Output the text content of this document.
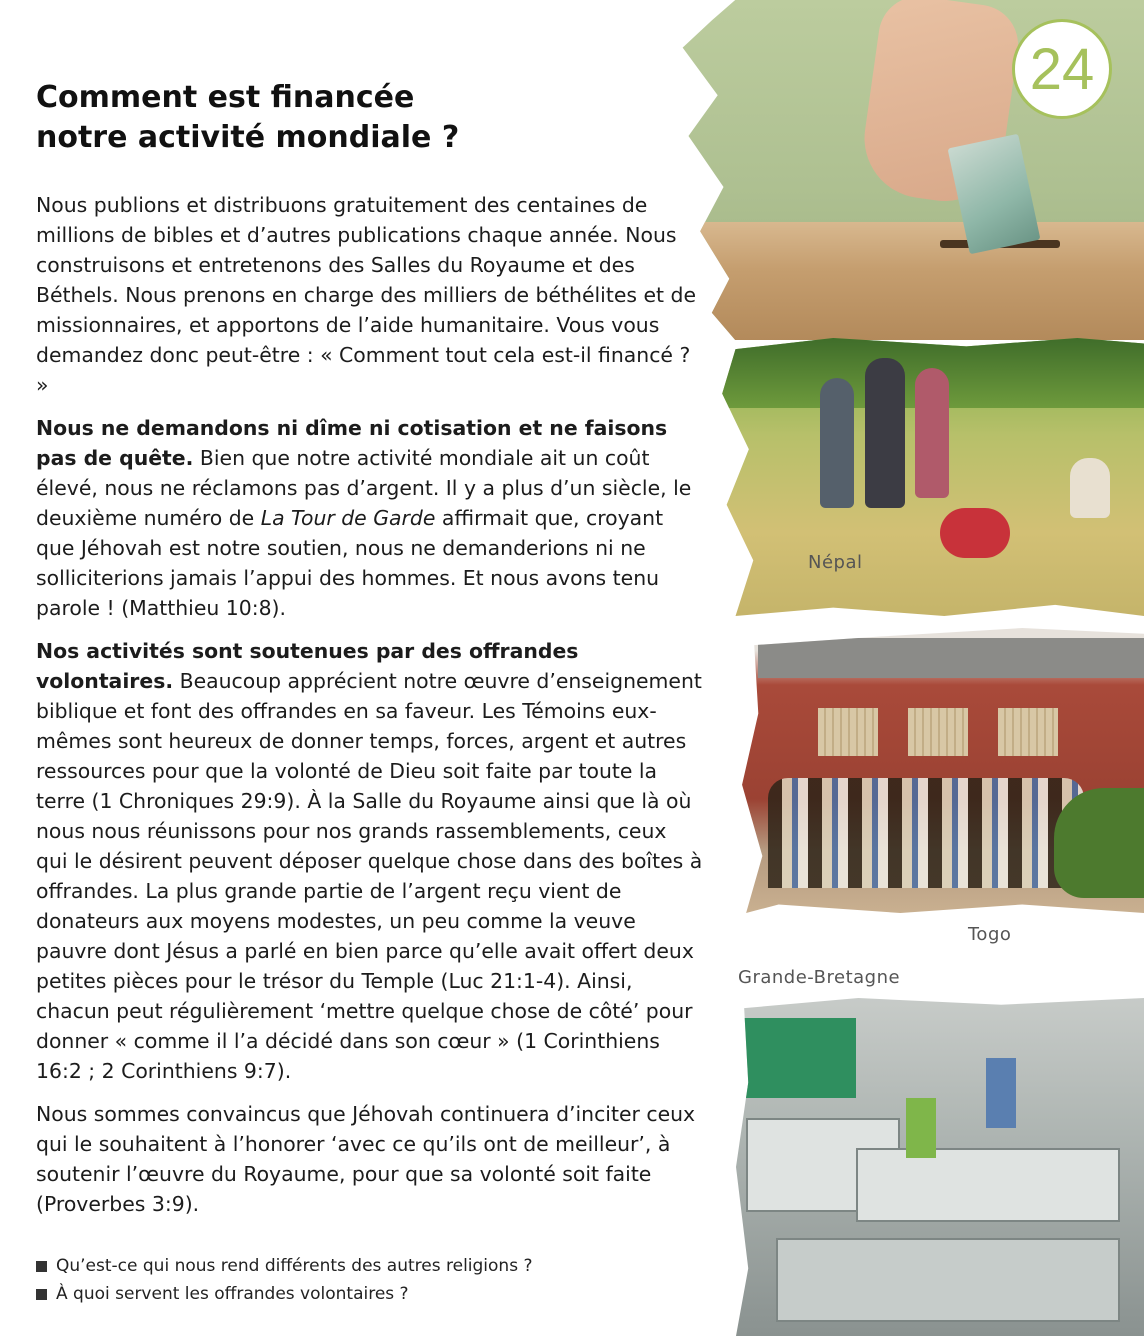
24
Népal
Togo
Grande-Bretagne
Comment est financée
notre activité mondiale ?

Nous publions et distribuons gratuitement des centaines de millions de bibles et d’autres publications chaque année. Nous construisons et entretenons des Salles du Royaume et des Béthels. Nous prenons en charge des milliers de béthélites et de missionnaires, et apportons de l’aide humanitaire. Vous vous demandez donc peut-être : « Comment tout cela est-il financé ? »

Nous ne demandons ni dîme ni cotisation et ne faisons pas de quête. Bien que notre activité mondiale ait un coût élevé, nous ne réclamons pas d’argent. Il y a plus d’un siècle, le deuxième numéro de La Tour de Garde affirmait que, croyant que Jéhovah est notre soutien, nous ne demanderions ni ne solliciterions jamais l’appui des hommes. Et nous avons tenu parole ! (Matthieu 10:8).

Nos activités sont soutenues par des offrandes volontaires. Beaucoup apprécient notre œuvre d’enseignement biblique et font des offrandes en sa faveur. Les Témoins eux-mêmes sont heureux de donner temps, forces, argent et autres ressources pour que la volonté de Dieu soit faite par toute la terre (1 Chroniques 29:9). À la Salle du Royaume ainsi que là où nous nous réunissons pour nos grands rassemblements, ceux qui le désirent peuvent déposer quelque chose dans des boîtes à offrandes. La plus grande partie de l’argent reçu vient de donateurs aux moyens modestes, un peu comme la veuve pauvre dont Jésus a parlé en bien parce qu’elle avait offert deux petites pièces pour le trésor du Temple (Luc 21:1-4). Ainsi, chacun peut régulièrement ‘mettre quelque chose de côté’ pour donner « comme il l’a décidé dans son cœur » (1 Corinthiens 16:2 ; 2 Corinthiens 9:7).

Nous sommes convaincus que Jéhovah continuera d’inciter ceux qui le souhaitent à l’honorer ‘avec ce qu’ils ont de meilleur’, à soutenir l’œuvre du Royaume, pour que sa volonté soit faite (Proverbes 3:9).

Qu’est-ce qui nous rend différents des autres religions ?
À quoi servent les offrandes volontaires ?
